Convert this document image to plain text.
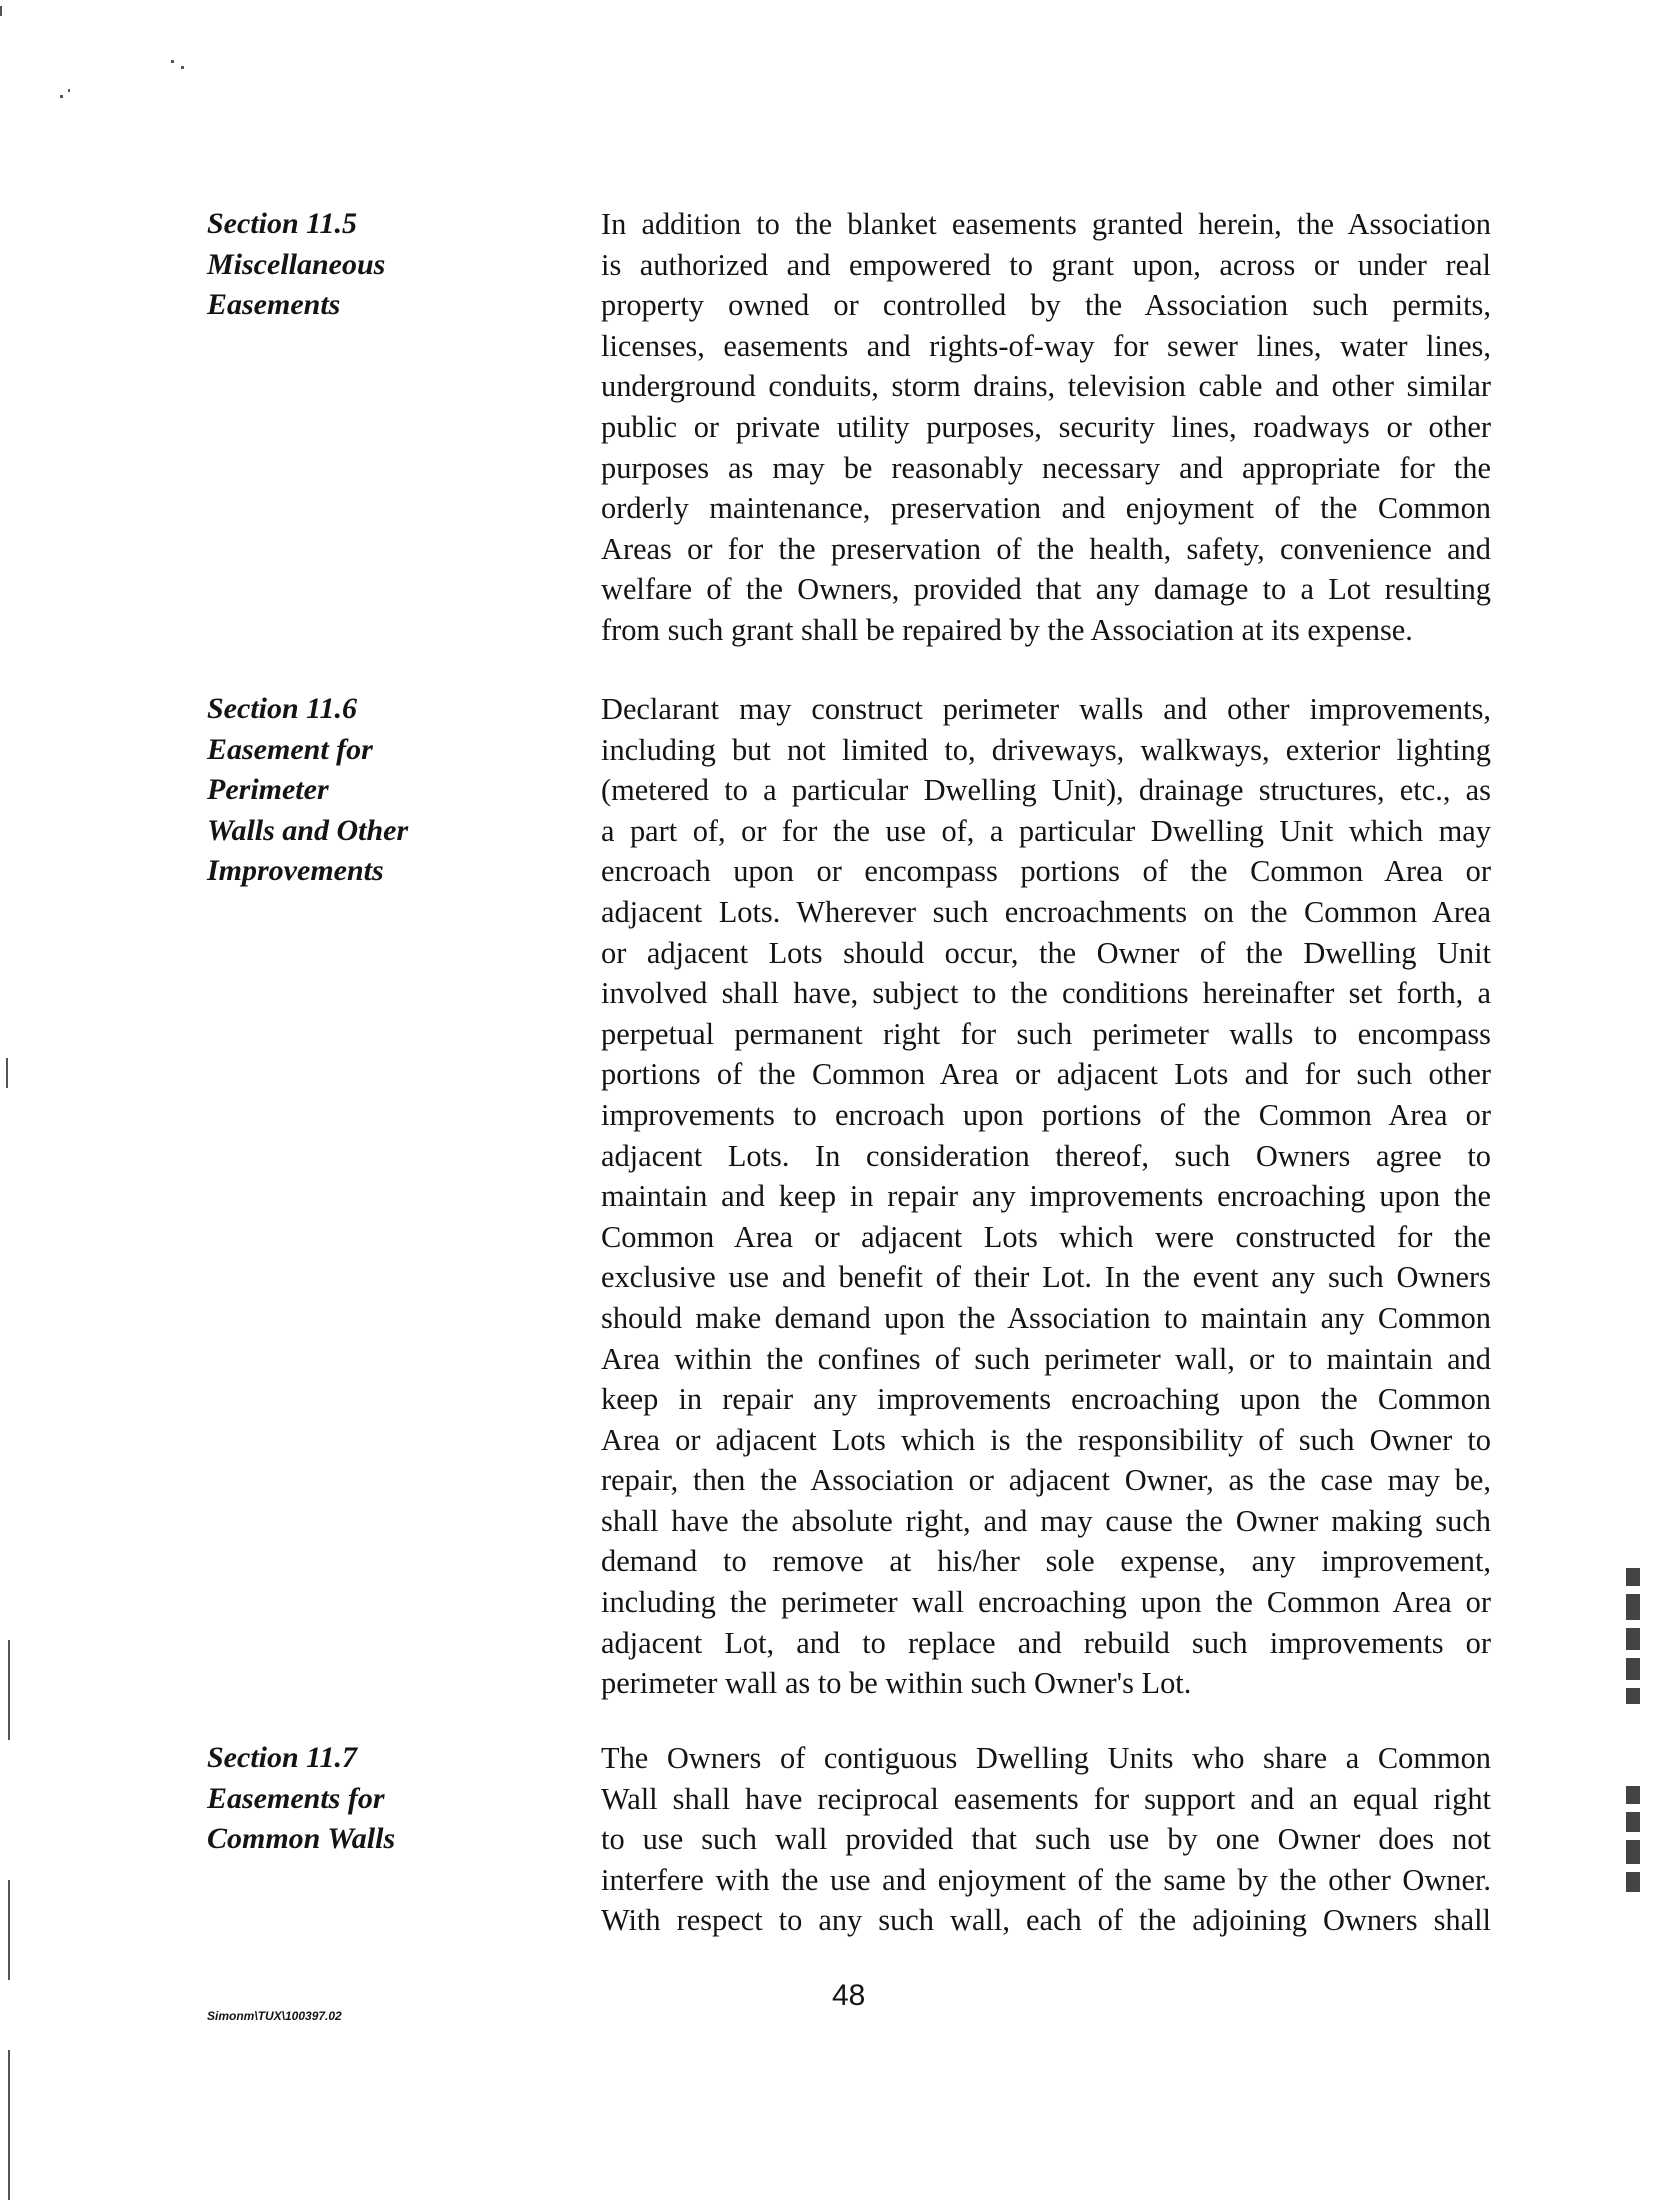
Section 11.5
Miscellaneous
Easements
In addition to the blanket easements granted herein, the Association
is authorized and empowered to grant upon, across or under real
property owned or controlled by the Association such permits,
licenses, easements and rights-of-way for sewer lines, water lines,
underground conduits, storm drains, television cable and other similar
public or private utility purposes, security lines, roadways or other
purposes as may be reasonably necessary and appropriate for the
orderly maintenance, preservation and enjoyment of the Common
Areas or for the preservation of the health, safety, convenience and
welfare of the Owners, provided that any damage to a Lot resulting
from such grant shall be repaired by the Association at its expense.
Section 11.6
Easement for
Perimeter
Walls and Other
Improvements
Declarant may construct perimeter walls and other improvements,
including but not limited to, driveways, walkways, exterior lighting
(metered to a particular Dwelling Unit), drainage structures, etc., as
a part of, or for the use of, a particular Dwelling Unit which may
encroach upon or encompass portions of the Common Area or
adjacent Lots. Wherever such encroachments on the Common Area
or adjacent Lots should occur, the Owner of the Dwelling Unit
involved shall have, subject to the conditions hereinafter set forth, a
perpetual permanent right for such perimeter walls to encompass
portions of the Common Area or adjacent Lots and for such other
improvements to encroach upon portions of the Common Area or
adjacent Lots. In consideration thereof, such Owners agree to
maintain and keep in repair any improvements encroaching upon the
Common Area or adjacent Lots which were constructed for the
exclusive use and benefit of their Lot. In the event any such Owners
should make demand upon the Association to maintain any Common
Area within the confines of such perimeter wall, or to maintain and
keep in repair any improvements encroaching upon the Common
Area or adjacent Lots which is the responsibility of such Owner to
repair, then the Association or adjacent Owner, as the case may be,
shall have the absolute right, and may cause the Owner making such
demand to remove at his/her sole expense, any improvement,
including the perimeter wall encroaching upon the Common Area or
adjacent Lot, and to replace and rebuild such improvements or
perimeter wall as to be within such Owner's Lot.
Section 11.7
Easements for
Common Walls
The Owners of contiguous Dwelling Units who share a Common
Wall shall have reciprocal easements for support and an equal right
to use such wall provided that such use by one Owner does not
interfere with the use and enjoyment of the same by the other Owner.
With respect to any such wall, each of the adjoining Owners shall
Simonm\TUX\100397.02
48
